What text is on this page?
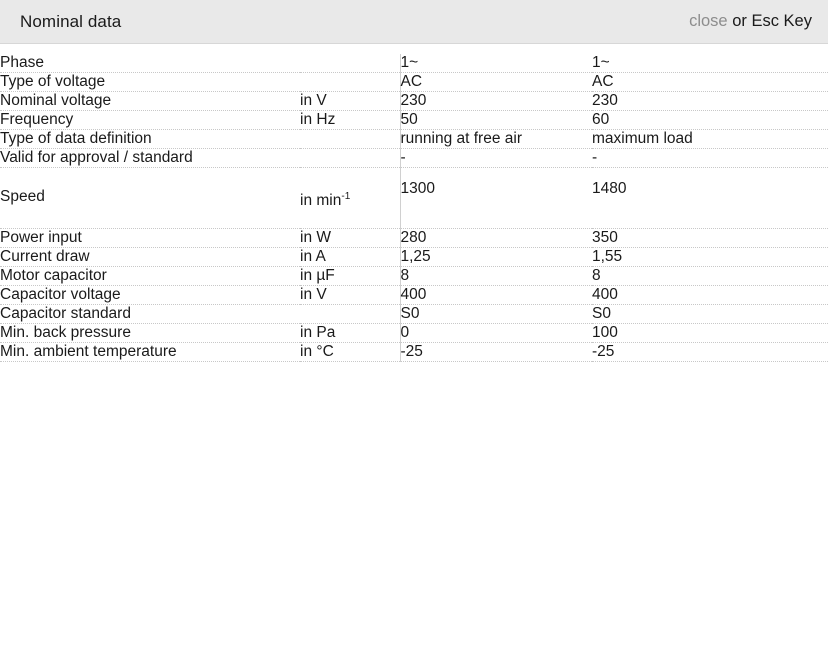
Nominal data	close or Esc Key
Phase		1~	1~
Type of voltage		AC	AC
Nominal voltage	in V	230	230
Frequency	in Hz	50	60
Type of data definition		running at free air	maximum load
Valid for approval / standard		-	-
Speed	in $\min^{-1}$	1300	1480
Power input	in W	280	350
Current draw	in A	1,25	1,55
Motor capacitor	in µF	8	8
Capacitor voltage	in V	400	400
Capacitor standard		S0	S0
Min. back pressure	in Pa	0	100
Min. ambient temperature	in °C	-25	-25
